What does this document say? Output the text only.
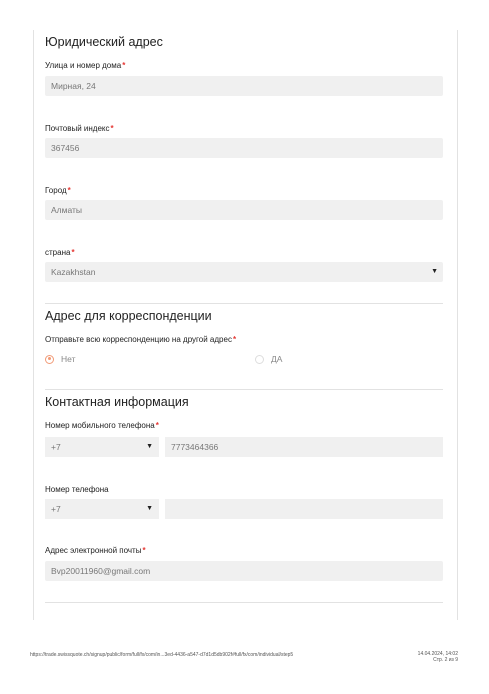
Юридический адрес
Улица и номер дома*
Мирная, 24
Почтовый индекс*
367456
Город*
Алматы
страна*
Kazakhstan	▼
Адрес для корреспонденции
Отправьте всю корреспонденцию на другой адрес*
Нет	ДА
Контактная информация
Номер мобильного телефона*
+7	▼	7773464366
Номер телефона
+7	▼
Адрес электронной почты*
Bvp20011960@gmail.com
https://trade.swissquote.ch/signup/public/form/full/fx/com/in...3ed-4436-a547-d7d1d5db902f#full/fx/com/individual/step5	14.04.2024, 14:02
Стр. 2 из 9
